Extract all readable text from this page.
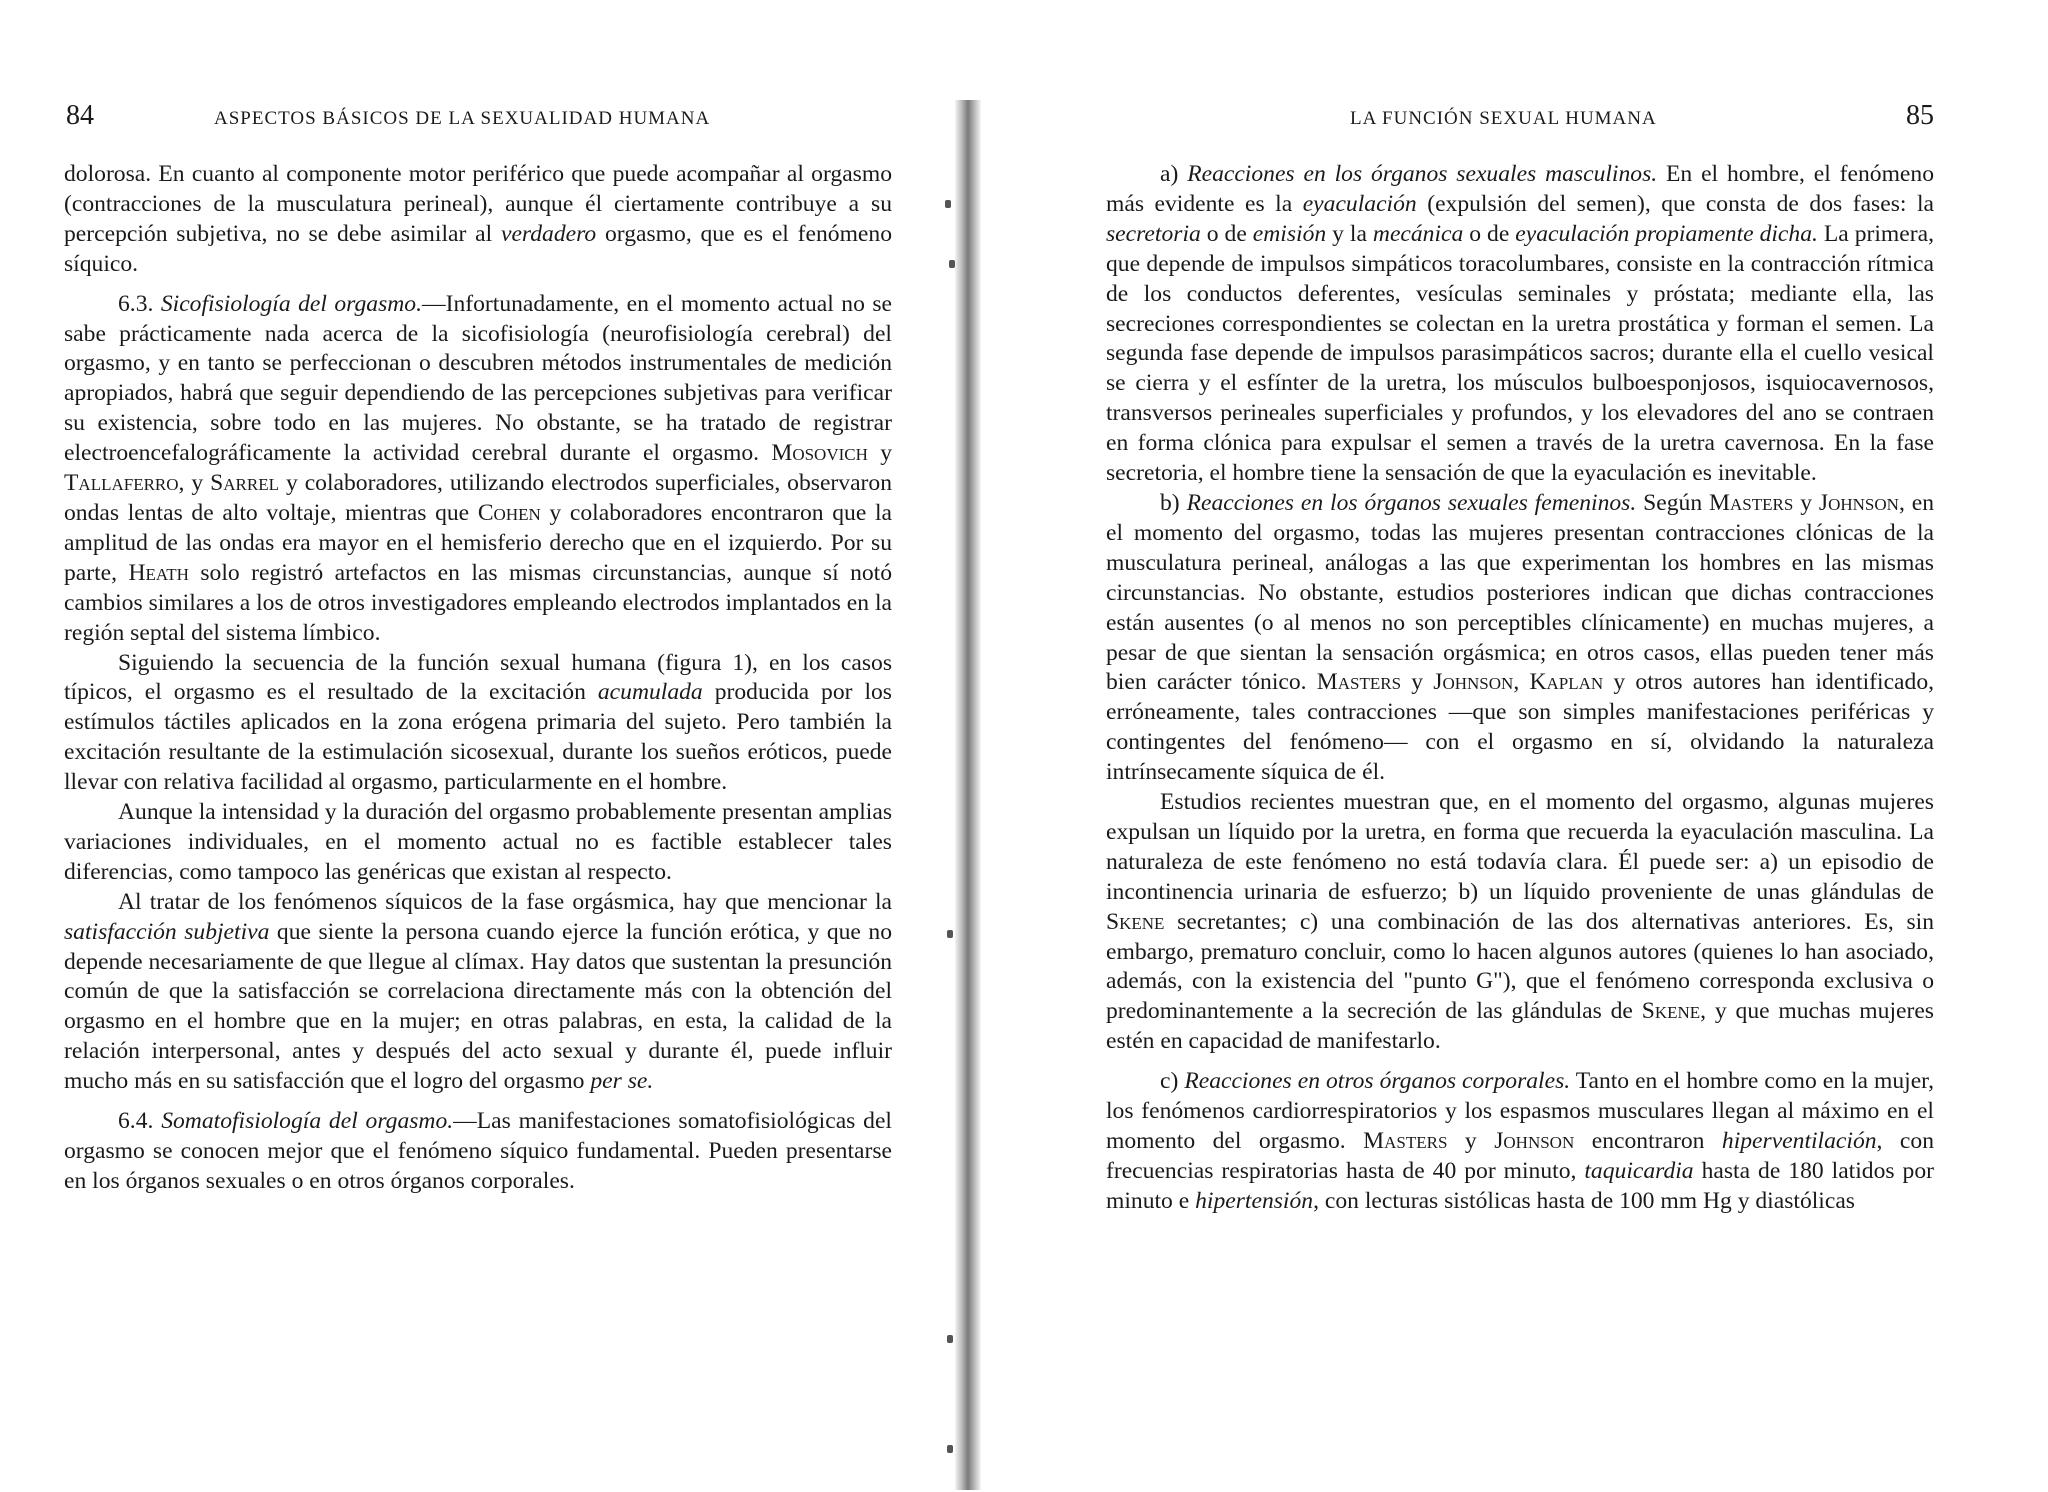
84	ASPECTOS BÁSICOS DE LA SEXUALIDAD HUMANA

dolorosa. En cuanto al componente motor periférico que puede acompañar al orgasmo (contracciones de la musculatura perineal), aunque él ciertamente contribuye a su percepción subjetiva, no se debe asimilar al verdadero orgasmo, que es el fenómeno síquico.

6.3. Sicofisiología del orgasmo.—Infortunadamente, en el momento actual no se sabe prácticamente nada acerca de la sicofisiología (neurofisiología cerebral) del orgasmo, y en tanto se perfeccionan o descubren métodos instrumentales de medición apropiados, habrá que seguir dependiendo de las percepciones subjetivas para verificar su existencia, sobre todo en las mujeres. No obstante, se ha tratado de registrar electroencefalográficamente la actividad cerebral durante el orgasmo. Mosovich y Tallaferro, y Sarrel y colaboradores, utilizando electrodos superficiales, observaron ondas lentas de alto voltaje, mientras que Cohen y colaboradores encontraron que la amplitud de las ondas era mayor en el hemisferio derecho que en el izquierdo. Por su parte, Heath solo registró artefactos en las mismas circunstancias, aunque sí notó cambios similares a los de otros investigadores empleando electrodos implantados en la región septal del sistema límbico.

Siguiendo la secuencia de la función sexual humana (figura 1), en los casos típicos, el orgasmo es el resultado de la excitación acumulada producida por los estímulos táctiles aplicados en la zona erógena primaria del sujeto. Pero también la excitación resultante de la estimulación sicosexual, durante los sueños eróticos, puede llevar con relativa facilidad al orgasmo, particularmente en el hombre.

Aunque la intensidad y la duración del orgasmo probablemente presentan amplias variaciones individuales, en el momento actual no es factible establecer tales diferencias, como tampoco las genéricas que existan al respecto.

Al tratar de los fenómenos síquicos de la fase orgásmica, hay que mencionar la satisfacción subjetiva que siente la persona cuando ejerce la función erótica, y que no depende necesariamente de que llegue al clímax. Hay datos que sustentan la presunción común de que la satisfacción se correlaciona directamente más con la obtención del orgasmo en el hombre que en la mujer; en otras palabras, en esta, la calidad de la relación interpersonal, antes y después del acto sexual y durante él, puede influir mucho más en su satisfacción que el logro del orgasmo per se.

6.4. Somatofisiología del orgasmo.—Las manifestaciones somatofisiológicas del orgasmo se conocen mejor que el fenómeno síquico fundamental. Pueden presentarse en los órganos sexuales o en otros órganos corporales.

LA FUNCIÓN SEXUAL HUMANA	85

a) Reacciones en los órganos sexuales masculinos. En el hombre, el fenómeno más evidente es la eyaculación (expulsión del semen), que consta de dos fases: la secretoria o de emisión y la mecánica o de eyaculación propiamente dicha. La primera, que depende de impulsos simpáticos toracolumbares, consiste en la contracción rítmica de los conductos deferentes, vesículas seminales y próstata; mediante ella, las secreciones correspondientes se colectan en la uretra prostática y forman el semen. La segunda fase depende de impulsos parasimpáticos sacros; durante ella el cuello vesical se cierra y el esfínter de la uretra, los músculos bulboesponjosos, isquiocavernosos, transversos perineales superficiales y profundos, y los elevadores del ano se contraen en forma clónica para expulsar el semen a través de la uretra cavernosa. En la fase secretoria, el hombre tiene la sensación de que la eyaculación es inevitable.

b) Reacciones en los órganos sexuales femeninos. Según Masters y Johnson, en el momento del orgasmo, todas las mujeres presentan contracciones clónicas de la musculatura perineal, análogas a las que experimentan los hombres en las mismas circunstancias. No obstante, estudios posteriores indican que dichas contracciones están ausentes (o al menos no son perceptibles clínicamente) en muchas mujeres, a pesar de que sientan la sensación orgásmica; en otros casos, ellas pueden tener más bien carácter tónico. Masters y Johnson, Kaplan y otros autores han identificado, erróneamente, tales contracciones —que son simples manifestaciones periféricas y contingentes del fenómeno— con el orgasmo en sí, olvidando la naturaleza intrínsecamente síquica de él.

Estudios recientes muestran que, en el momento del orgasmo, algunas mujeres expulsan un líquido por la uretra, en forma que recuerda la eyaculación masculina. La naturaleza de este fenómeno no está todavía clara. Él puede ser: a) un episodio de incontinencia urinaria de esfuerzo; b) un líquido proveniente de unas glándulas de Skene secretantes; c) una combinación de las dos alternativas anteriores. Es, sin embargo, prematuro concluir, como lo hacen algunos autores (quienes lo han asociado, además, con la existencia del "punto G"), que el fenómeno corresponda exclusiva o predominantemente a la secreción de las glándulas de Skene, y que muchas mujeres estén en capacidad de manifestarlo.

c) Reacciones en otros órganos corporales. Tanto en el hombre como en la mujer, los fenómenos cardiorrespiratorios y los espasmos musculares llegan al máximo en el momento del orgasmo. Masters y Johnson encontraron hiperventilación, con frecuencias respiratorias hasta de 40 por minuto, taquicardia hasta de 180 latidos por minuto e hipertensión, con lecturas sistólicas hasta de 100 mm Hg y diastólicas
